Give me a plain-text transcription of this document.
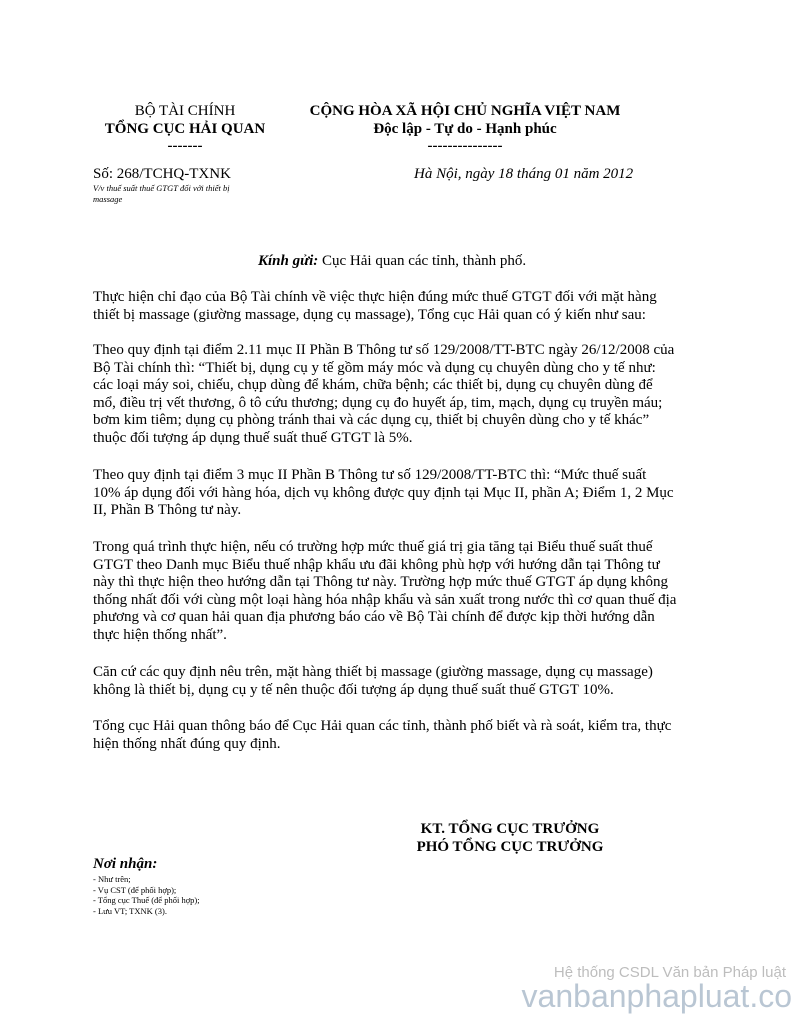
BỘ TÀI CHÍNH
TỔNG CỤC HẢI QUAN
-------
CỘNG HÒA XÃ HỘI CHỦ NGHĨA VIỆT NAM
Độc lập - Tự do - Hạnh phúc
---------------
Số: 268/TCHQ-TXNK	Hà Nội, ngày 18 tháng 01 năm 2012
V/v thuế suất thuế GTGT đối với thiết bị
massage
Kính gửi: Cục Hải quan các tỉnh, thành phố.
Thực hiện chỉ đạo của Bộ Tài chính về việc thực hiện đúng mức thuế GTGT đối với mặt hàng
thiết bị massage (giường massage, dụng cụ massage), Tổng cục Hải quan có ý kiến như sau:
Theo quy định tại điểm 2.11 mục II Phần B Thông tư số 129/2008/TT-BTC ngày 26/12/2008 của
Bộ Tài chính thì: “Thiết bị, dụng cụ y tế gồm máy móc và dụng cụ chuyên dùng cho y tế như:
các loại máy soi, chiếu, chụp dùng để khám, chữa bệnh; các thiết bị, dụng cụ chuyên dùng để
mổ, điều trị vết thương, ô tô cứu thương; dụng cụ đo huyết áp, tim, mạch, dụng cụ truyền máu;
bơm kim tiêm; dụng cụ phòng tránh thai và các dụng cụ, thiết bị chuyên dùng cho y tế khác”
thuộc đối tượng áp dụng thuế suất thuế GTGT là 5%.
Theo quy định tại điểm 3 mục II Phần B Thông tư số 129/2008/TT-BTC thì: “Mức thuế suất
10% áp dụng đối với hàng hóa, dịch vụ không được quy định tại Mục II, phần A; Điểm 1, 2 Mục
II, Phần B Thông tư này.
Trong quá trình thực hiện, nếu có trường hợp mức thuế giá trị gia tăng tại Biểu thuế suất thuế
GTGT theo Danh mục Biểu thuế nhập khẩu ưu đãi không phù hợp với hướng dẫn tại Thông tư
này thì thực hiện theo hướng dẫn tại Thông tư này. Trường hợp mức thuế GTGT áp dụng không
thống nhất đối với cùng một loại hàng hóa nhập khẩu và sản xuất trong nước thì cơ quan thuế địa
phương và cơ quan hải quan địa phương báo cáo về Bộ Tài chính để được kịp thời hướng dẫn
thực hiện thống nhất”.
Căn cứ các quy định nêu trên, mặt hàng thiết bị massage (giường massage, dụng cụ massage)
không là thiết bị, dụng cụ y tế nên thuộc đối tượng áp dụng thuế suất thuế GTGT 10%.
Tổng cục Hải quan thông báo để Cục Hải quan các tỉnh, thành phố biết và rà soát, kiểm tra, thực
hiện thống nhất đúng quy định.
KT. TỔNG CỤC TRƯỞNG
PHÓ TỔNG CỤC TRƯỞNG
Nơi nhận:
- Như trên;
- Vụ CST (để phối hợp);
- Tổng cục Thuế (để phối hợp);
- Lưu VT; TXNK (3).
Hệ thống CSDL Văn bản Pháp luật
vanbanphapluat.co
